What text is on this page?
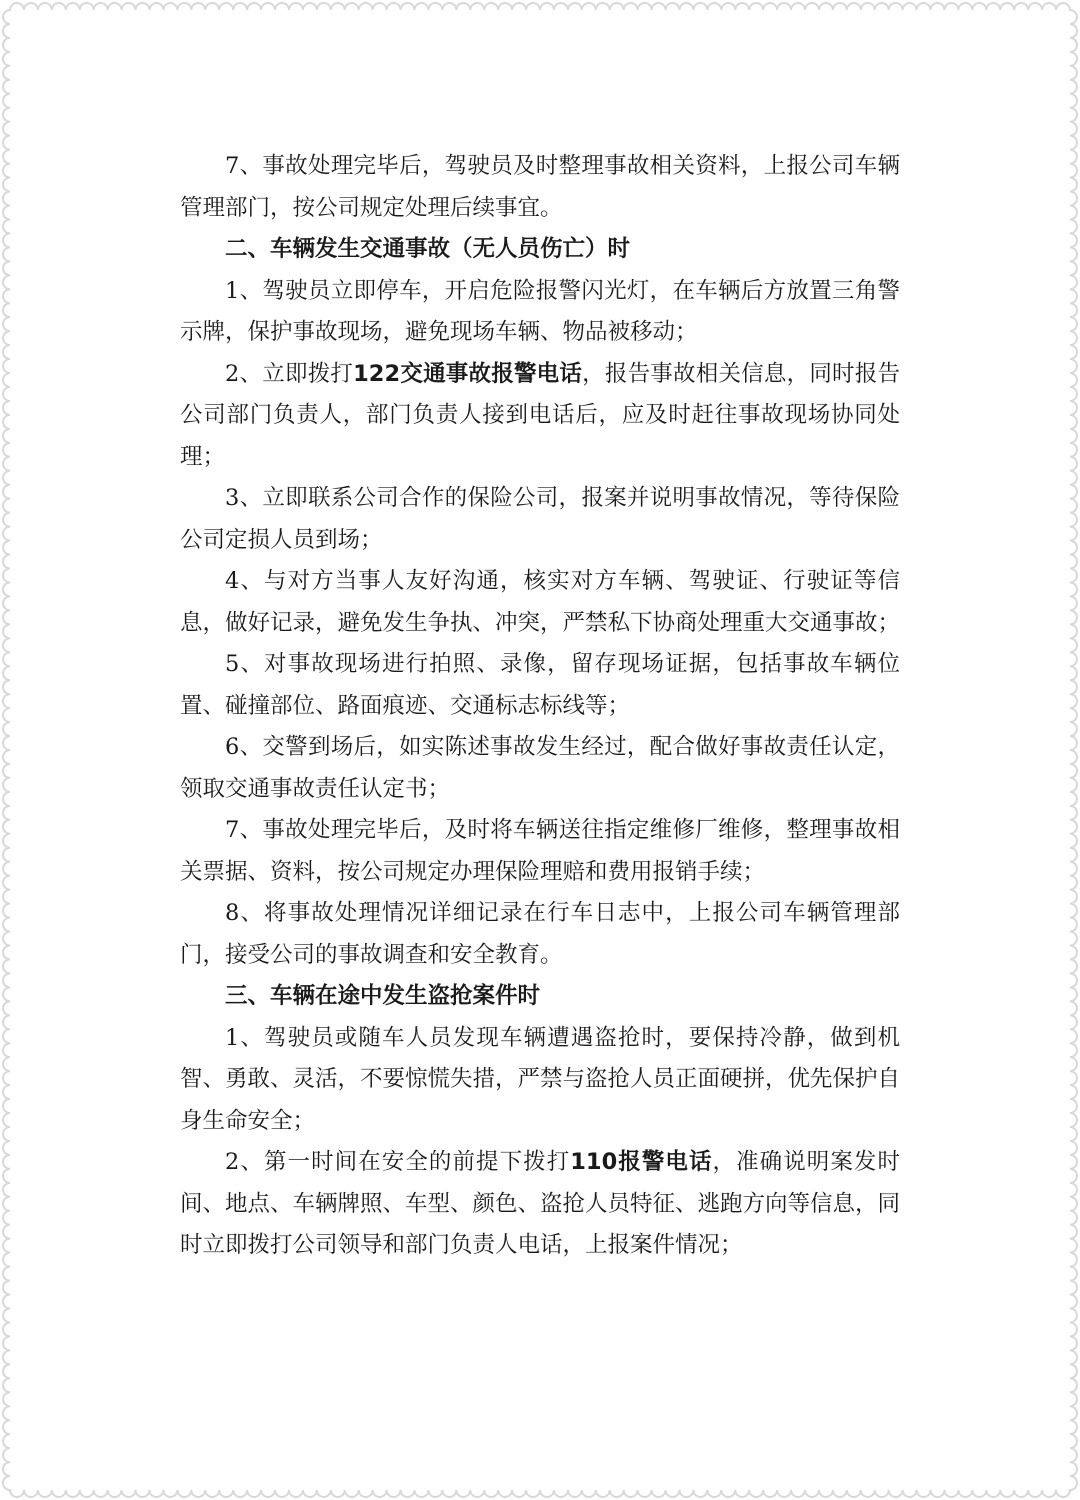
7、事故处理完毕后，驾驶员及时整理事故相关资料，上报公司车辆管理部门，按公司规定处理后续事宜。

二、车辆发生交通事故（无人员伤亡）时

1、驾驶员立即停车，开启危险报警闪光灯，在车辆后方放置三角警示牌，保护事故现场，避免现场车辆、物品被移动；

2、立即拨打122交通事故报警电话，报告事故相关信息，同时报告公司部门负责人，部门负责人接到电话后，应及时赶往事故现场协同处理；

3、立即联系公司合作的保险公司，报案并说明事故情况，等待保险公司定损人员到场；

4、与对方当事人友好沟通，核实对方车辆、驾驶证、行驶证等信息，做好记录，避免发生争执、冲突，严禁私下协商处理重大交通事故；

5、对事故现场进行拍照、录像，留存现场证据，包括事故车辆位置、碰撞部位、路面痕迹、交通标志标线等；

6、交警到场后，如实陈述事故发生经过，配合做好事故责任认定，领取交通事故责任认定书；

7、事故处理完毕后，及时将车辆送往指定维修厂维修，整理事故相关票据、资料，按公司规定办理保险理赔和费用报销手续；

8、将事故处理情况详细记录在行车日志中，上报公司车辆管理部门，接受公司的事故调查和安全教育。

三、车辆在途中发生盗抢案件时

1、驾驶员或随车人员发现车辆遭遇盗抢时，要保持冷静，做到机智、勇敢、灵活，不要惊慌失措，严禁与盗抢人员正面硬拼，优先保护自身生命安全；

2、第一时间在安全的前提下拨打110报警电话，准确说明案发时间、地点、车辆牌照、车型、颜色、盗抢人员特征、逃跑方向等信息，同时立即拨打公司领导和部门负责人电话，上报案件情况；
